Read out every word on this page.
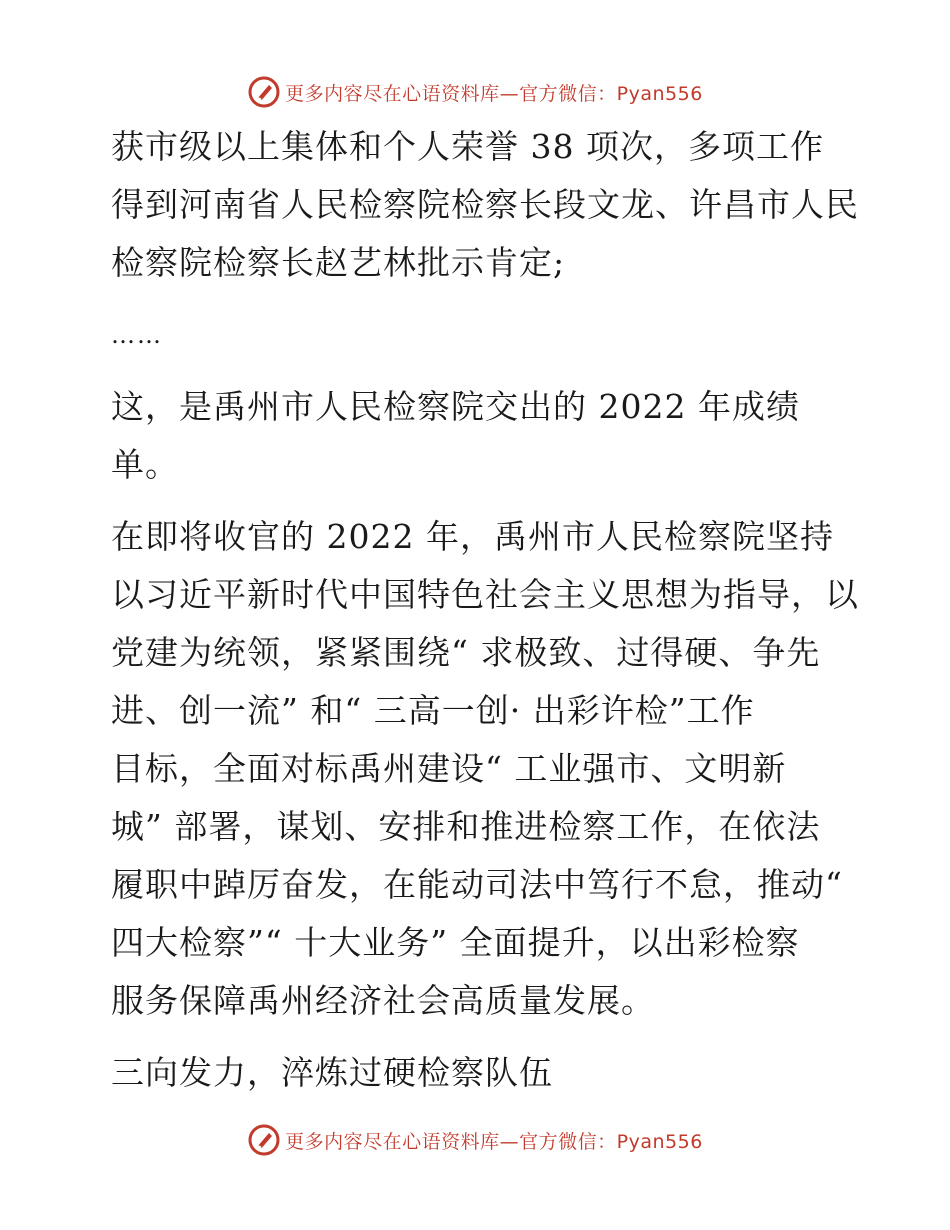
更多内容尽在心语资料库—官方微信：Pyan556

获市级以上集体和个人荣誉 38 项次，多项工作
得到河南省人民检察院检察长段文龙、许昌市人民
检察院检察长赵艺林批示肯定;

……

这，是禹州市人民检察院交出的 2022 年成绩
单。

在即将收官的 2022 年，禹州市人民检察院坚持
以习近平新时代中国特色社会主义思想为指导，以
党建为统领，紧紧围绕“ 求极致、过得硬、争先
进、创一流” 和“ 三高一创· 出彩许检”工作
目标，全面对标禹州建设“ 工业强市、文明新
城” 部署，谋划、安排和推进检察工作，在依法
履职中踔厉奋发，在能动司法中笃行不怠，推动“
四大检察”“ 十大业务” 全面提升，以出彩检察
服务保障禹州经济社会高质量发展。

三向发力，淬炼过硬检察队伍

更多内容尽在心语资料库—官方微信：Pyan556
